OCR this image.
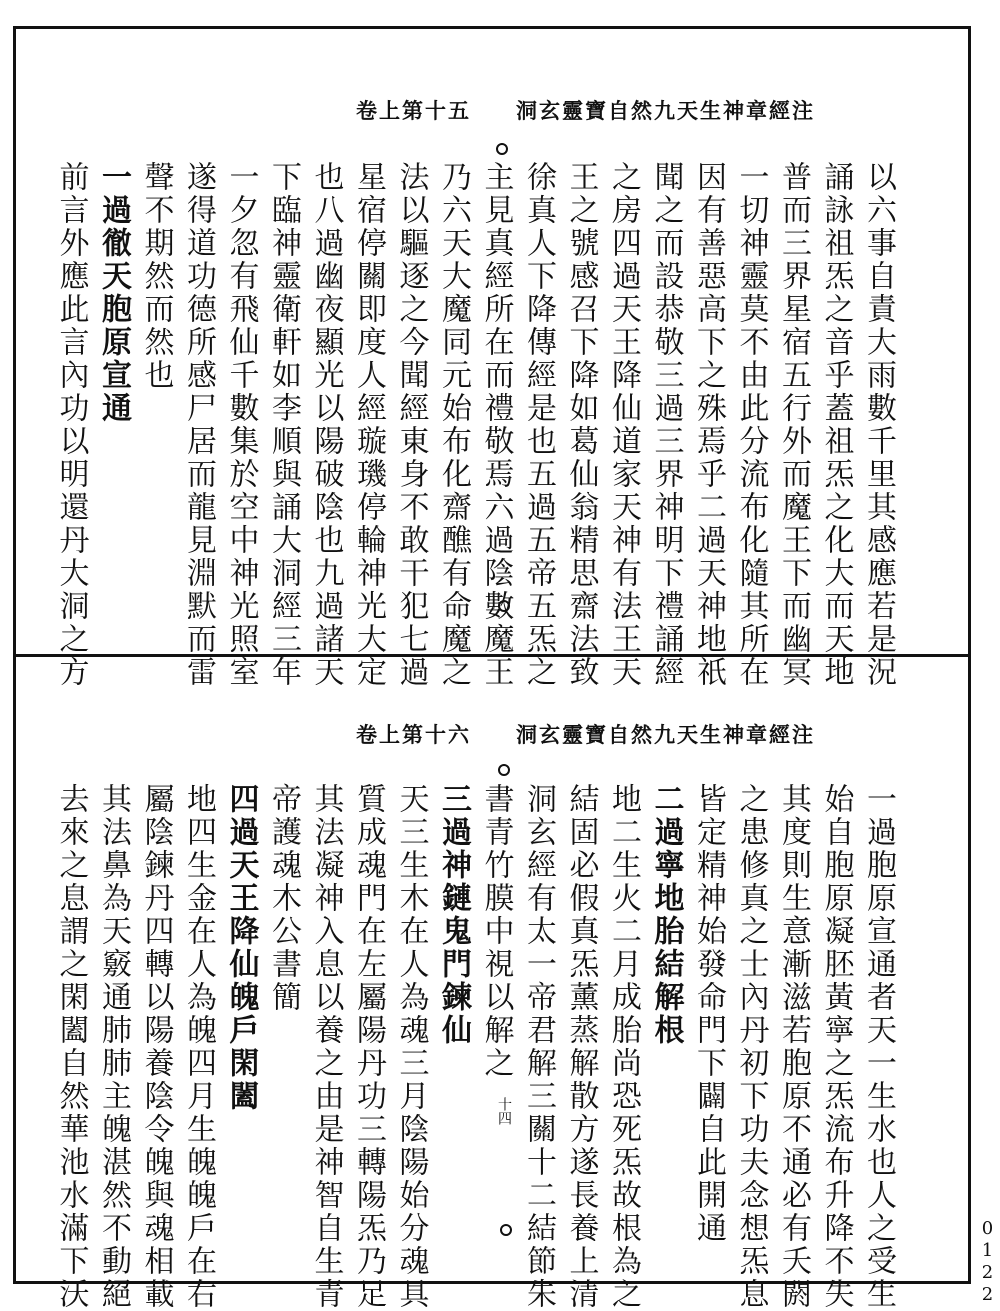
五十第上卷 注經章神生天九然自寶靈玄洞
以六事自責大雨數千里其感應若是況
誦詠祖炁之音乎蓋祖炁之化大而天地
普而三界星宿五行外而魔王下而幽冥
一切神靈莫不由此分流布化隨其所在
因有善惡高下之殊焉乎二過天神地祇
聞之而設恭敬三過三界神明下禮誦經
之房四過天王降仙道家天神有法王天
王之號感召下降如葛仙翁精思齋法致
徐真人下降傳經是也五過五帝五炁之
主見真經所在而禮敬焉六過陰數魔王
乃六天大魔同元始布化齋醮有命魔之
法以驅逐之今聞經東身不敢干犯七過
星宿停關即度人經璇璣停輪神光大定
也八過幽夜顯光以陽破陰也九過諸天
下臨神靈衛軒如李順與誦大洞經三年
一夕忽有飛仙千數集於空中神光照室
遂得道功德所感尸居而龍見淵默而雷
聲不期然而然也
一過徹天胞原宣通
前言外應此言內功以明還丹大洞之方
六十第上卷 注經章神生天九然自寶靈玄洞
十四	一過胞原宣通者天一生水也人之受生
始自胞原凝胚黃寧之炁流布升降不失
其度則生意漸滋若胞原不通必有夭閼
之患修真之士內丹初下功夫念想炁息
皆定精神始發命門下闢自此開通
二過寧地胎結解根
地二生火二月成胎尚恐死炁故根為之
結固必假真炁薰蒸解散方遂長養上清
洞玄經有太一帝君解三關十二結節朱
書青竹膜中視以解之
三過神鏈鬼門鍊仙
天三生木在人為魂三月陰陽始分魂具
質成魂門在左屬陽丹功三轉陽炁乃足
其法凝神入息以養之由是神智自生青
帝護魂木公書簡
四過天王降仙魄戶閑闔
地四生金在人為魄四月生魄魄戶在右
屬陰鍊丹四轉以陽養陰令魄與魂相載
其法鼻為天竅通肺肺主魄湛然不動絕
去來之息謂之閑闔自然華池水滿下沃	0122
